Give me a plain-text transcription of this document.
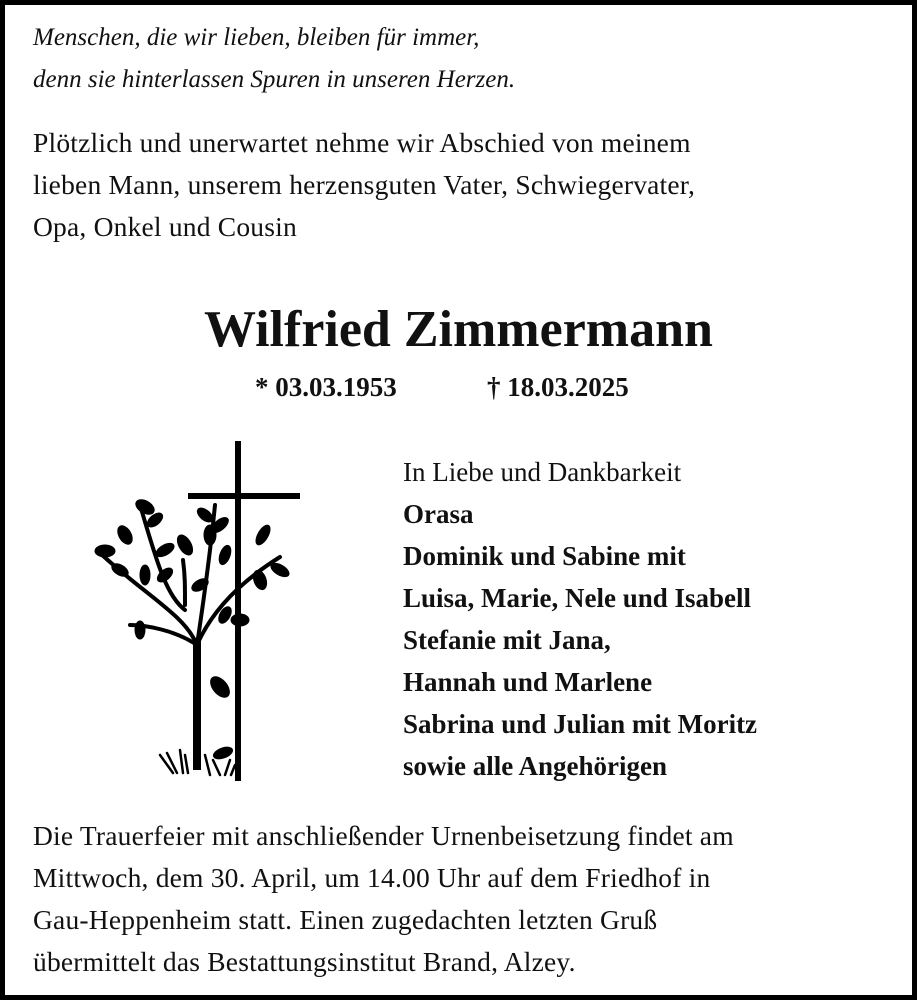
Menschen, die wir lieben, bleiben für immer,
denn sie hinterlassen Spuren in unseren Herzen.
Plötzlich und unerwartet nehme wir Abschied von meinem
lieben Mann, unserem herzensguten Vater, Schwiegervater,
Opa, Onkel und Cousin
Wilfried Zimmermann
* 03.03.1953	† 18.03.2025
In Liebe und Dankbarkeit
Orasa
Dominik und Sabine mit
Luisa, Marie, Nele und Isabell
Stefanie mit Jana,
Hannah und Marlene
Sabrina und Julian mit Moritz
sowie alle Angehörigen
Die Trauerfeier mit anschließender Urnenbeisetzung findet am
Mittwoch, dem 30. April, um 14.00 Uhr auf dem Friedhof in
Gau-Heppenheim statt. Einen zugedachten letzten Gruß
übermittelt das Bestattungsinstitut Brand, Alzey.
